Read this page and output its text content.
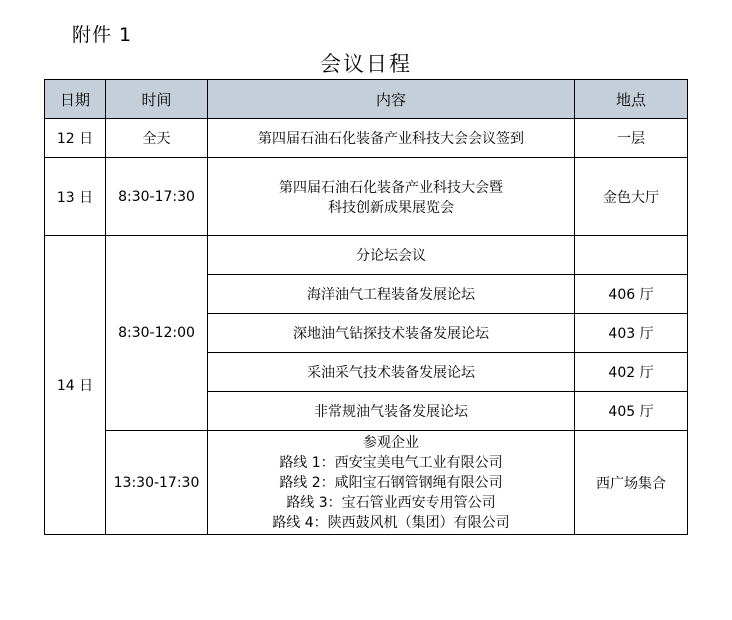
附件 1
会议日程
日期	时间	内容	地点
12 日	全天	第四届石油石化装备产业科技大会会议签到	一层
13 日	8:30-17:30	第四届石油石化装备产业科技大会暨
科技创新成果展览会	金色大厅
14 日	8:30-12:00	分论坛会议	
		海洋油气工程装备发展论坛	406 厅
		深地油气钻探技术装备发展论坛	403 厅
		采油采气技术装备发展论坛	402 厅
		非常规油气装备发展论坛	405 厅
	13:30-17:30	参观企业
路线 1：西安宝美电气工业有限公司
路线 2：咸阳宝石钢管钢绳有限公司
路线 3：宝石管业西安专用管公司
路线 4：陕西鼓风机（集团）有限公司	西广场集合
